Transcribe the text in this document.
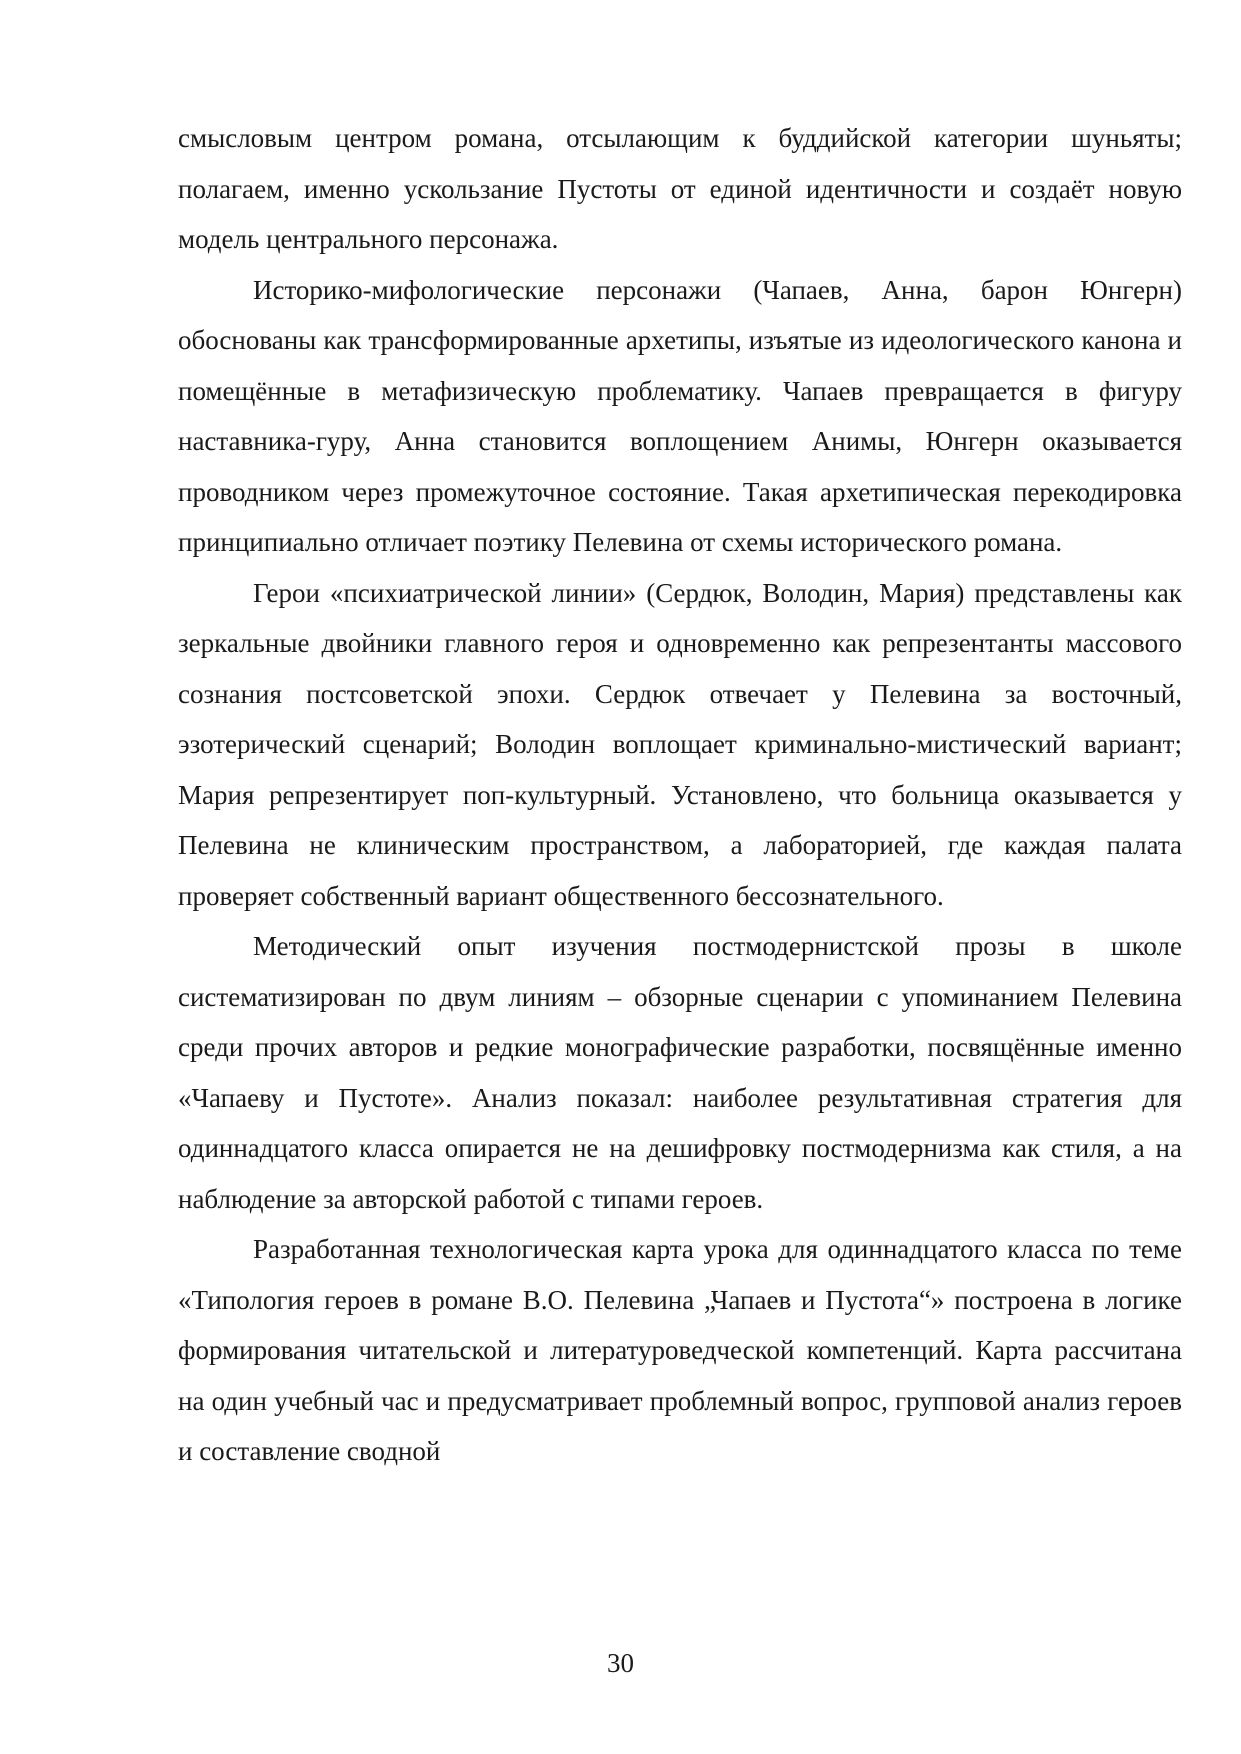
смысловым центром романа, отсылающим к буддийской категории шуньяты; полагаем, именно ускользание Пустоты от единой идентичности и создаёт новую модель центрального персонажа.

Историко-мифологические персонажи (Чапаев, Анна, барон Юнгерн) обоснованы как трансформированные архетипы, изъятые из идеологического канона и помещённые в метафизическую проблематику. Чапаев превращается в фигуру наставника-гуру, Анна становится воплощением Анимы, Юнгерн оказывается проводником через промежуточное состояние. Такая архетипическая перекодировка принципиально отличает поэтику Пелевина от схемы исторического романа.

Герои «психиатрической линии» (Сердюк, Володин, Мария) представлены как зеркальные двойники главного героя и одновременно как репрезентанты массового сознания постсоветской эпохи. Сердюк отвечает у Пелевина за восточный, эзотерический сценарий; Володин воплощает криминально-мистический вариант; Мария репрезентирует поп-культурный. Установлено, что больница оказывается у Пелевина не клиническим пространством, а лабораторией, где каждая палата проверяет собственный вариант общественного бессознательного.

Методический опыт изучения постмодернистской прозы в школе систематизирован по двум линиям – обзорные сценарии с упоминанием Пелевина среди прочих авторов и редкие монографические разработки, посвящённые именно «Чапаеву и Пустоте». Анализ показал: наиболее результативная стратегия для одиннадцатого класса опирается не на дешифровку постмодернизма как стиля, а на наблюдение за авторской работой с типами героев.

Разработанная технологическая карта урока для одиннадцатого класса по теме «Типология героев в романе В.О. Пелевина „Чапаев и Пустота“» построена в логике формирования читательской и литературоведческой компетенций. Карта рассчитана на один учебный час и предусматривает проблемный вопрос, групповой анализ героев и составление сводной

30
